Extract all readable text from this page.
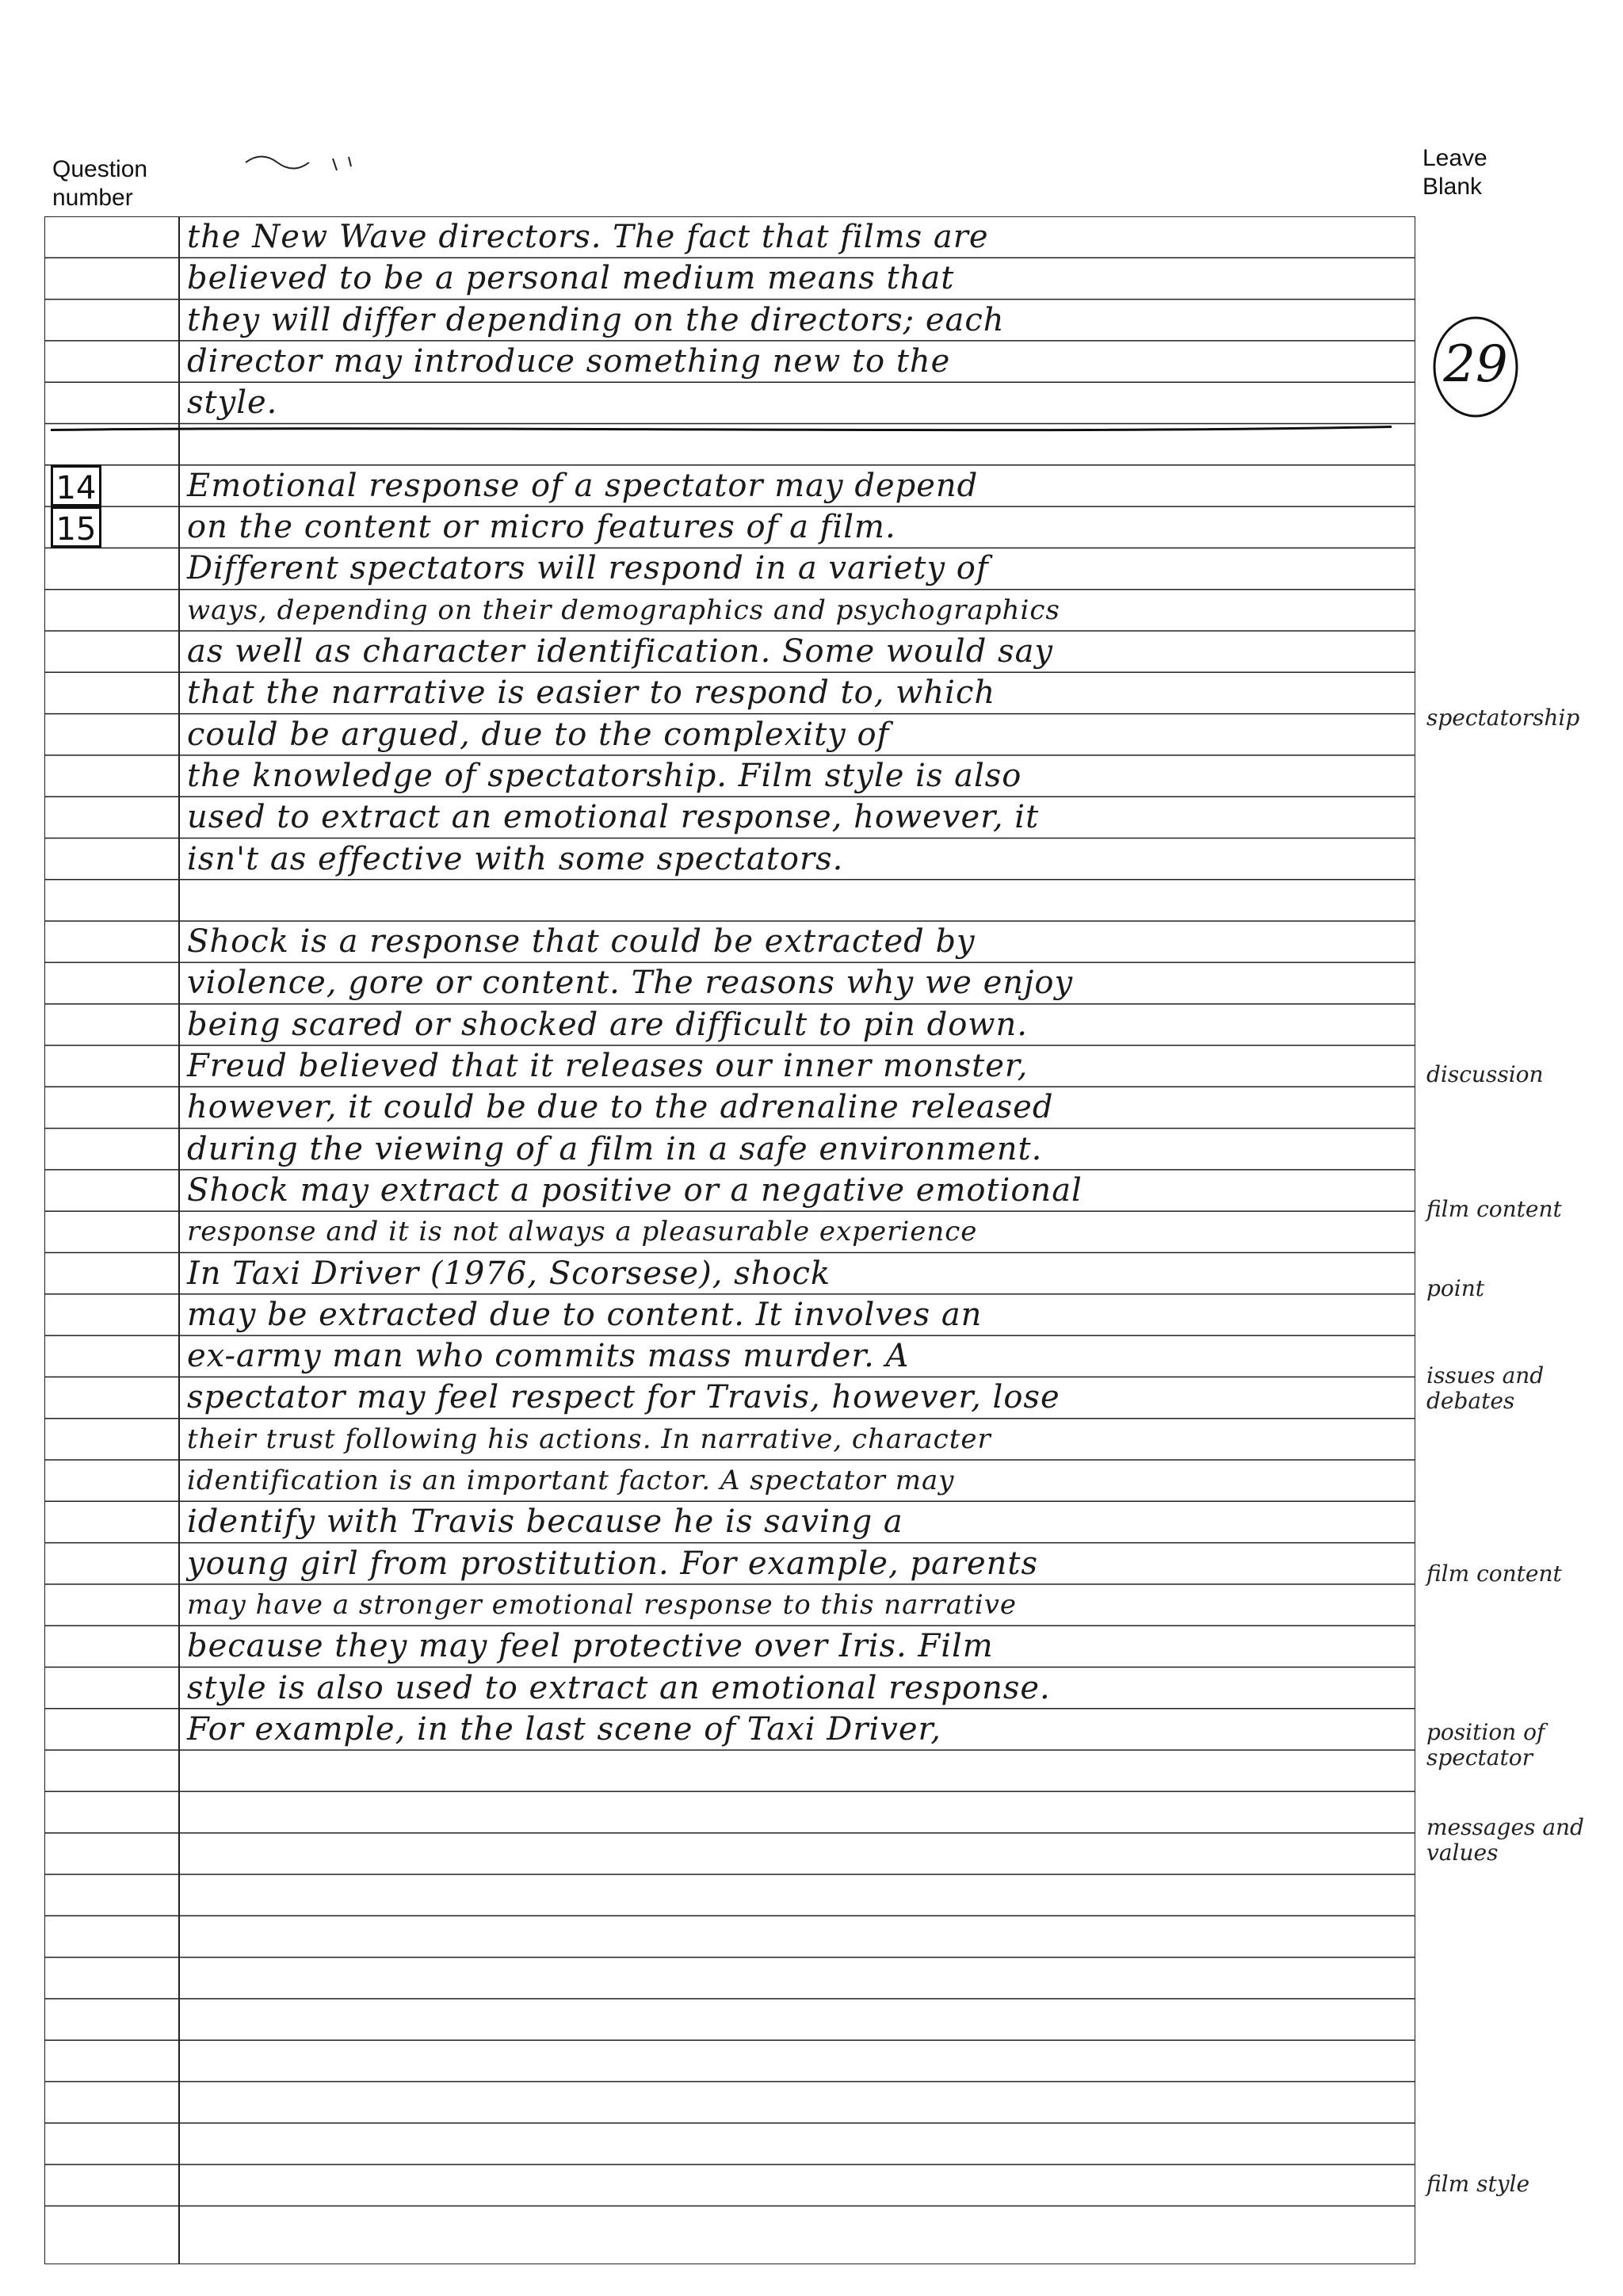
Question number
Leave Blank
14
15
the New Wave directors. The fact that films are
believed to be a personal medium means that
they will differ depending on the directors; each
director may introduce something new to the
style.
Emotional response of a spectator may depend
on the content or micro features of a film.
Different spectators will respond in a variety of
ways, depending on their demographics and psychographics
as well as character identification. Some would say
that the narrative is easier to respond to, which
could be argued, due to the complexity of
the knowledge of spectatorship. Film style is also
used to extract an emotional response, however, it
isn't as effective with some spectators.
Shock is a response that could be extracted by
violence, gore or content. The reasons why we enjoy
being scared or shocked are difficult to pin down.
Freud believed that it releases our inner monster,
however, it could be due to the adrenaline released
during the viewing of a film in a safe environment.
Shock may extract a positive or a negative emotional
response and it is not always a pleasurable experience
In Taxi Driver (1976, Scorsese), shock
may be extracted due to content. It involves an
ex-army man who commits mass murder. A
spectator may feel respect for Travis, however, lose
their trust following his actions. In narrative, character
identification is an important factor. A spectator may
identify with Travis because he is saving a
young girl from prostitution. For example, parents
may have a stronger emotional response to this narrative
because they may feel protective over Iris. Film
style is also used to extract an emotional response.
For example, in the last scene of Taxi Driver,
29
spectatorship
discussion
film content
point
issues and debates
film content
position of spectator
messages and values
film style
